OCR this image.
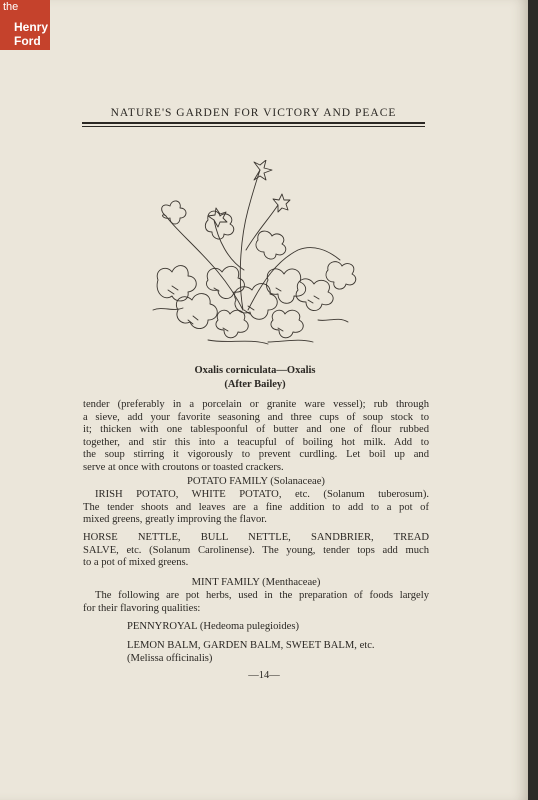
the
Henry
Ford
NATURE'S GARDEN FOR VICTORY AND PEACE
Oxalis corniculata—Oxalis
(After Bailey)
tender (preferably in a porcelain or granite ware vessel); rub through
a sieve, add your favorite seasoning and three cups of soup stock to
it; thicken with one tablespoonful of butter and one of flour rubbed
together, and stir this into a teacupful of boiling hot milk. Add to
the soup stirring it vigorously to prevent curdling. Let boil up and
serve at once with croutons or toasted crackers.
POTATO FAMILY (Solanaceae)
IRISH POTATO, WHITE POTATO, etc. (Solanum tuberosum).
The tender shoots and leaves are a fine addition to add to a pot of
mixed greens, greatly improving the flavor.
HORSE NETTLE, BULL NETTLE, SANDBRIER, TREAD
SALVE, etc. (Solanum Carolinense). The young, tender tops add much
to a pot of mixed greens.
MINT FAMILY (Menthaceae)
The following are pot herbs, used in the preparation of foods largely
for their flavoring qualities:
PENNYROYAL (Hedeoma pulegioides)
LEMON BALM, GARDEN BALM, SWEET BALM, etc.
(Melissa officinalis)
—14—
